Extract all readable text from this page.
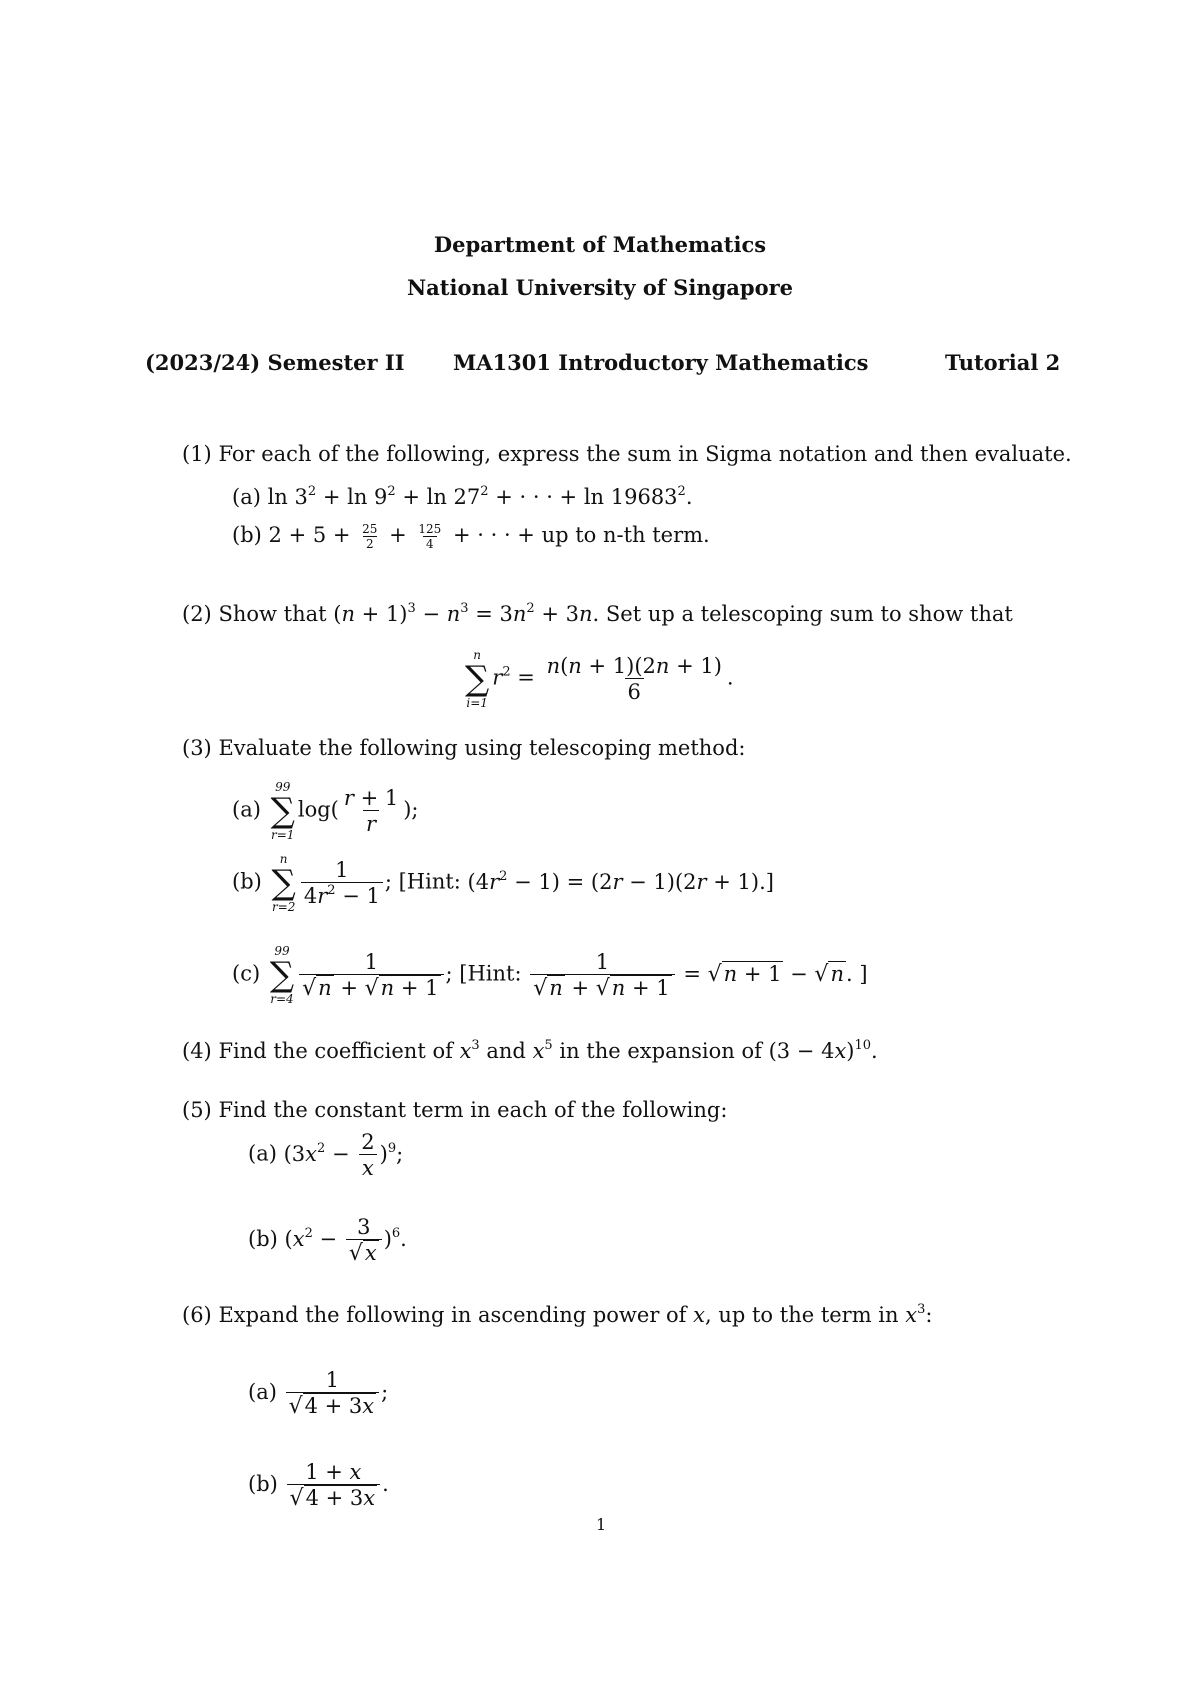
Department of Mathematics
National University of Singapore
(2023/24) Semester II MA1301 Introductory Mathematics	Tutorial 2
(1) For each of the following, express the sum in Sigma notation and then evaluate.
(a) $\ln 3^2 + \ln 9^2 + \ln 27^2$ + · · · + ln 19683$^2$.
(b) $2 + 5 + \frac{25}{2} + \frac{125}{4}$ + · · · + up to n-th term.
(2) Show that $(n + 1)^3 - n^3 = 3n^2 + 3n$. Set up a telescoping sum to show that
n
∑
i=1
$r^2 = \frac{n(n + 1)(2n + 1)}{6}$ .
(3) Evaluate the following using telescoping method:
(a)
99
∑
r=1
$\log( \frac{r + 1}{r}$ );
(b)
n
∑
$r=2 \frac{1}{4r^2 - 1}$ ; [Hint: $(4r^2 - 1) = (2r - 1)(2r + 1)$.]
(c)
99
∑
$r=4 \frac{1}{√n + √n + 1}$ ; [Hint: $\frac{1}{√n + √n + 1} = √n + 1 - √n$. ]
(4) Find the coefficient of $x^3$ and $x^5$ in the expansion of $(3 - 4x)^{10}$.
(5) Find the constant term in each of the following:
(a) $(3x^2 - \frac{2}{x} )^9$;
(b) $(x^2 - \frac{3}{√x} )^6$.
(6) Expand the following in ascending power of x, up to the term in $x^3$:
$(a) \frac{1}{√4 + 3x}$ ;
$(b) \frac{1 + x}{√4 + 3x}$ .
1
